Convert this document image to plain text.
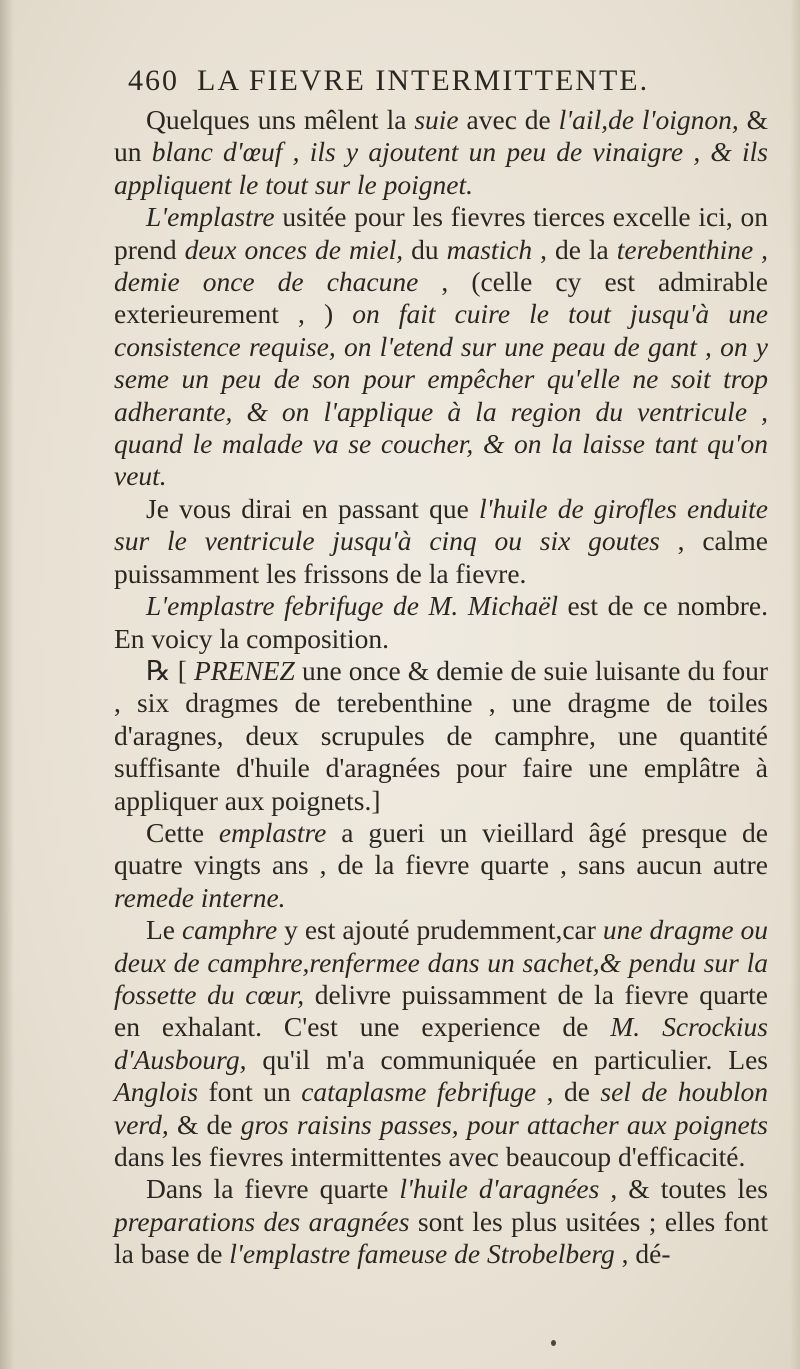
460 LA FIEVRE INTERMITTENTE.

Quelques uns mêlent la suie avec de l'ail,de l'oignon, & un blanc d'œuf , ils y ajoutent un peu de vinaigre , & ils appliquent le tout sur le poignet.

L'emplastre usitée pour les fievres tierces excelle ici, on prend deux onces de miel, du mastich , de la terebenthine , demie once de chacune , (celle cy est admirable exterieurement , ) on fait cuire le tout jusqu'à une consistence requise, on l'etend sur une peau de gant , on y seme un peu de son pour empêcher qu'elle ne soit trop adherante, & on l'applique à la region du ventricule , quand le malade va se coucher, & on la laisse tant qu'on veut.

Je vous dirai en passant que l'huile de girofles enduite sur le ventricule jusqu'à cinq ou six goutes , calme puissamment les frissons de la fievre.

L'emplastre febrifuge de M. Michaël est de ce nombre. En voicy la composition.

℞ [ PRENEZ une once & demie de suie luisante du four , six dragmes de terebenthine , une dragme de toiles d'aragnes, deux scrupules de camphre, une quantité suffisante d'huile d'aragnées pour faire une emplâtre à appliquer aux poignets.]

Cette emplastre a gueri un vieillard âgé presque de quatre vingts ans , de la fievre quarte , sans aucun autre remede interne.

Le camphre y est ajouté prudemment,car une dragme ou deux de camphre,renfermee dans un sachet,& pendu sur la fossette du cœur, delivre puissamment de la fievre quarte en exhalant. C'est une experience de M. Scrockius d'Ausbourg, qu'il m'a communiquée en particulier. Les Anglois font un cataplasme febrifuge , de sel de houblon verd, & de gros raisins passes, pour attacher aux poignets dans les fievres intermittentes avec beaucoup d'efficacité.

Dans la fievre quarte l'huile d'aragnées , & toutes les preparations des aragnées sont les plus usitées ; elles font la base de l'emplastre fameuse de Strobelberg , dé-
